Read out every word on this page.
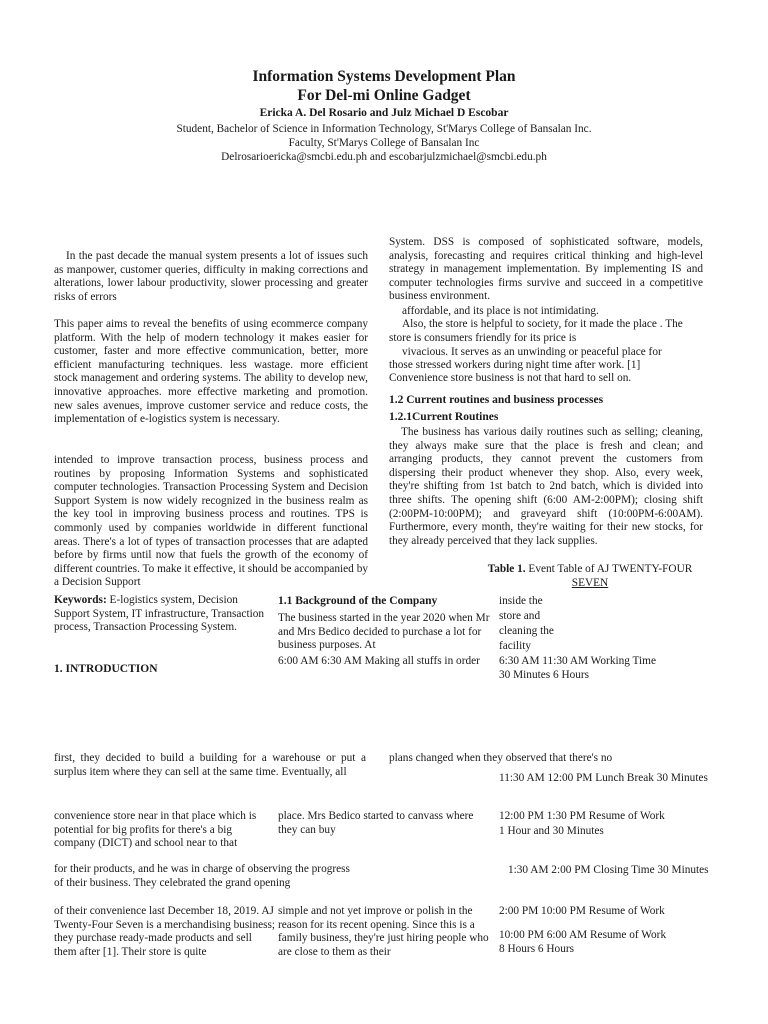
Information Systems Development Plan
For Del-mi Online Gadget

Ericka A. Del Rosario and Julz Michael D Escobar

Student, Bachelor of Science in Information Technology, St'Marys College of Bansalan Inc.

Faculty, St'Marys College of Bansalan Inc

Delrosarioericka@smcbi.edu.ph and escobarjulzmichael@smcbi.edu.ph

In the past decade the manual system presents a lot of issues such as manpower, customer queries, difficulty in making corrections and alterations, lower labour productivity, slower processing and greater risks of errors

This paper aims to reveal the benefits of using ecommerce company platform. With the help of modern technology it makes easier for customer, faster and more effective communication, better, more efficient manufacturing techniques. less wastage. more efficient stock management and ordering systems. The ability to develop new, innovative approaches. more effective marketing and promotion. new sales avenues, improve customer service and reduce costs, the implementation of e-logistics system is necessary.

intended to improve transaction process, business process and routines by proposing Information Systems and sophisticated computer technologies. Transaction Processing System and Decision Support System is now widely recognized in the business realm as the key tool in improving business process and routines. TPS is commonly used by companies worldwide in different functional areas. There's a lot of types of transaction processes that are adapted before by firms until now that fuels the growth of the economy of different countries. To make it effective, it should be accompanied by a Decision Support

Keywords: E-logistics system, Decision Support System, IT infrastructure, Transaction process, Transaction Processing System.

1. INTRODUCTION

System. DSS is composed of sophisticated software, models, analysis, forecasting and requires critical thinking and high-level strategy in management implementation. By implementing IS and computer technologies firms survive and succeed in a competitive business environment.

affordable, and its place is not intimidating.

Also, the store is helpful to society, for it made the place . The

store is consumers friendly for its price is

vivacious. It serves as an unwinding or peaceful place for

those stressed workers during night time after work. [1]

Convenience store business is not that hard to sell on.

1.2 Current routines and business processes

1.2.1Current Routines

The business has various daily routines such as selling; cleaning, they always make sure that the place is fresh and clean; and arranging products, they cannot prevent the customers from dispersing their product whenever they shop. Also, every week, they're shifting from 1st batch to 2nd batch, which is divided into three shifts. The opening shift (6:00 AM-2:00PM); closing shift (2:00PM-10:00PM); and graveyard shift (10:00PM-6:00AM). Furthermore, every month, they're waiting for their new stocks, for they already perceived that they lack supplies.

Table 1. Event Table of AJ TWENTY-FOUR

SEVEN

1.1 Background of the Company

The business started in the year 2020 when Mr and Mrs Bedico decided to purchase a lot for business purposes. At

6:00 AM 6:30 AM Making all stuffs in order

inside the

store and

cleaning the

facility

6:30 AM 11:30 AM Working Time

30 Minutes 6 Hours

11:30 AM 12:00 PM Lunch Break 30 Minutes

12:00 PM 1:30 PM Resume of Work

1 Hour and 30 Minutes

1:30 AM 2:00 PM Closing Time 30 Minutes

2:00 PM 10:00 PM Resume of Work

10:00 PM 6:00 AM Resume of Work

8 Hours 6 Hours

first, they decided to build a building for a warehouse or put a surplus item where they can sell at the same time. Eventually, all

plans changed when they observed that there's no

convenience store near in that place which is potential for big profits for there's a big company (DICT) and school near to that

place. Mrs Bedico started to canvass where they can buy

for their products, and he was in charge of observing the progress of their business. They celebrated the grand opening

of their convenience last December 18, 2019. AJ Twenty-Four Seven is a merchandising business; they purchase ready-made products and sell them after [1]. Their store is quite

simple and not yet improve or polish in the reason for its recent opening. Since this is a family business, they're just hiring people who are close to them as their
